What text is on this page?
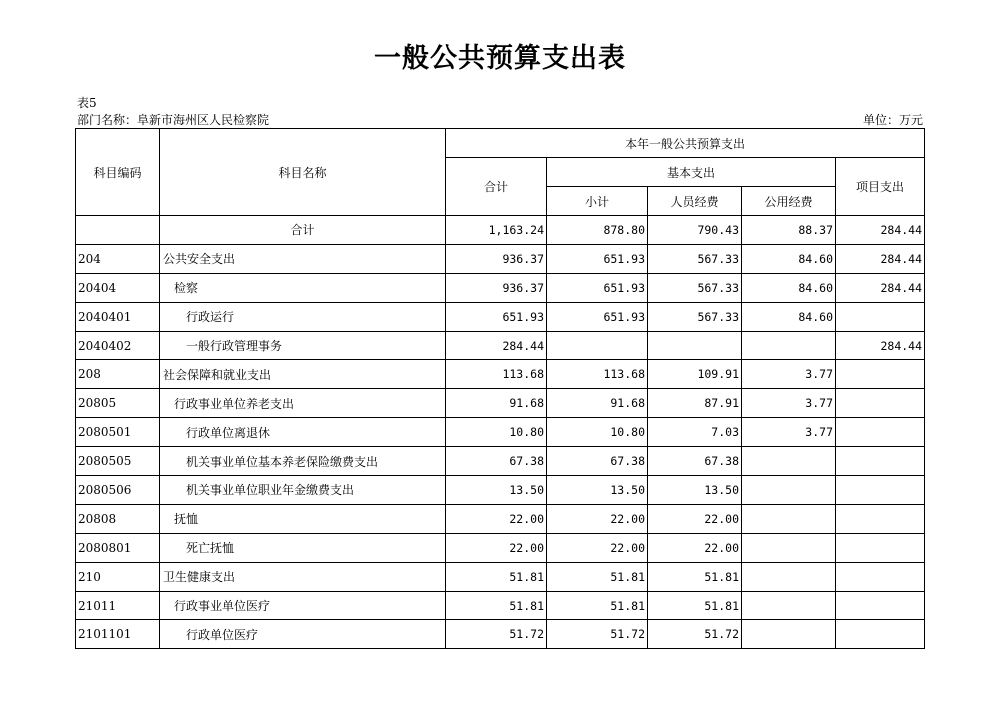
一般公共预算支出表
表5
部门名称：阜新市海州区人民检察院	单位：万元
科目编码	科目名称	本年一般公共预算支出				
		合计	基本支出			项目支出
			小计	人员经费	公用经费	
	合计	1,163.24	878.80	790.43	88.37	284.44
204	公共安全支出	936.37	651.93	567.33	84.60	284.44
20404	检察	936.37	651.93	567.33	84.60	284.44
2040401	行政运行	651.93	651.93	567.33	84.60	
2040402	一般行政管理事务	284.44				284.44
208	社会保障和就业支出	113.68	113.68	109.91	3.77	
20805	行政事业单位养老支出	91.68	91.68	87.91	3.77	
2080501	行政单位离退休	10.80	10.80	7.03	3.77	
2080505	机关事业单位基本养老保险缴费支出	67.38	67.38	67.38		
2080506	机关事业单位职业年金缴费支出	13.50	13.50	13.50		
20808	抚恤	22.00	22.00	22.00		
2080801	死亡抚恤	22.00	22.00	22.00		
210	卫生健康支出	51.81	51.81	51.81		
21011	行政事业单位医疗	51.81	51.81	51.81		
2101101	行政单位医疗	51.72	51.72	51.72		
